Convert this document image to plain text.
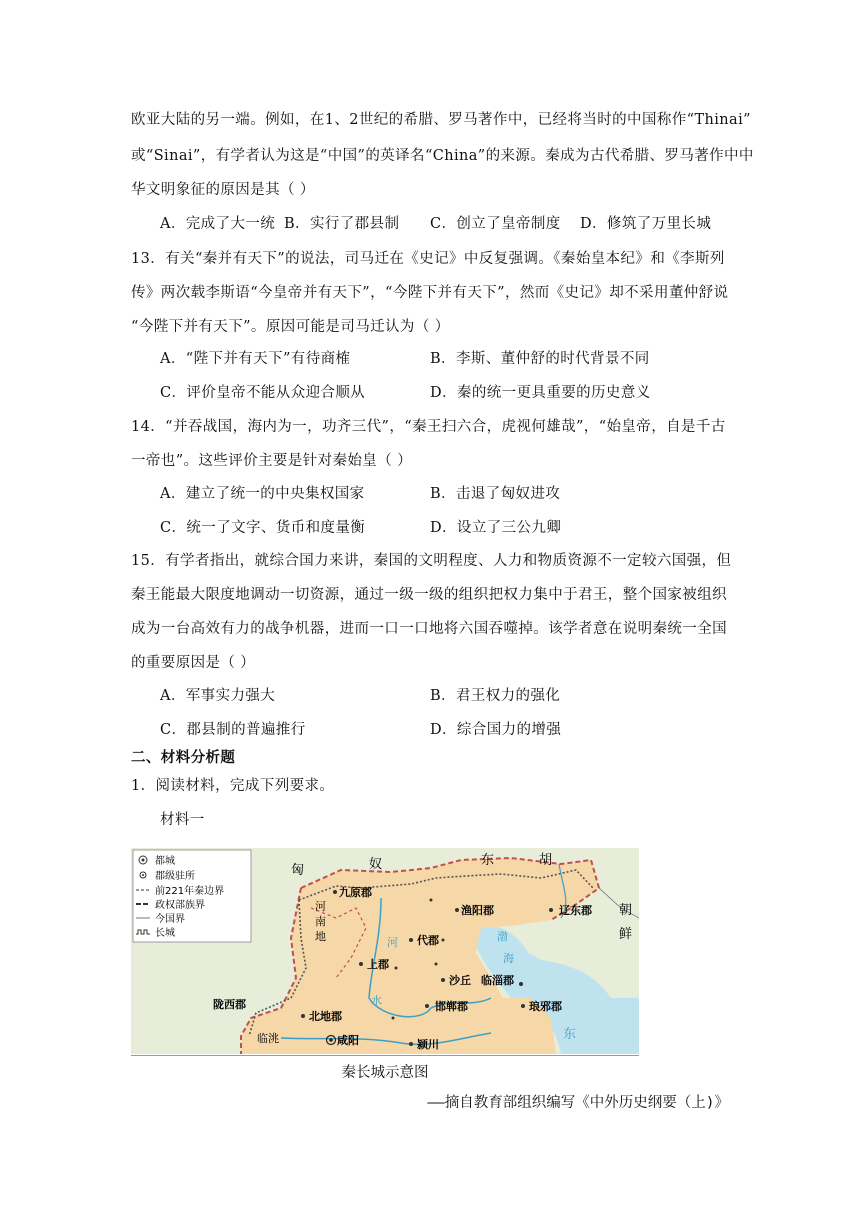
欧亚大陆的另一端。例如，在1、2世纪的希腊、罗马著作中，已经将当时的中国称作“Thinai”
或“Sinai”，有学者认为这是“中国”的英译名“China”的来源。秦成为古代希腊、罗马著作中中
华文明象征的原因是其（ ）
A．完成了大一统 B．实行了郡县制 C．创立了皇帝制度 D．修筑了万里长城
13．有关“秦并有天下”的说法，司马迁在《史记》中反复强调。《秦始皇本纪》和《李斯列
传》两次载李斯语“今皇帝并有天下”，“今陛下并有天下”，然而《史记》却不采用董仲舒说
“今陛下并有天下”。原因可能是司马迁认为（ ）
A．“陛下并有天下”有待商榷	B．李斯、董仲舒的时代背景不同
C．评价皇帝不能从众迎合顺从	D．秦的统一更具重要的历史意义
14．“并吞战国，海内为一，功齐三代”，“秦王扫六合，虎视何雄哉”，“始皇帝，自是千古
一帝也”。这些评价主要是针对秦始皇（ ）
A．建立了统一的中央集权国家	B．击退了匈奴进攻
C．统一了文字、货币和度量衡	D．设立了三公九卿
15．有学者指出，就综合国力来讲，秦国的文明程度、人力和物质资源不一定较六国强，但
秦王能最大限度地调动一切资源，通过一级一级的组织把权力集中于君王，整个国家被组织
成为一台高效有力的战争机器，进而一口一口地将六国吞噬掉。该学者意在说明秦统一全国
的重要原因是（ ）
A．军事实力强大	B．君王权力的强化
C．郡县制的普遍推行	D．综合国力的增强
二、材料分析题
1．阅读材料，完成下列要求。
材料一
都城
郡级驻所
前221年秦边界
政权部族界
今国界
长城
匈	奴	东	胡
九原郡
河
南
地
渔阳郡	辽东郡 朝
鲜
代郡	渤
海
上郡
河
水
沙丘 临淄郡
陇西郡
北地郡
邯郸郡	琅邪郡
临洮	咸阳	颍川
东
秦长城示意图
——摘自教育部组织编写《中外历史纲要（上)》
